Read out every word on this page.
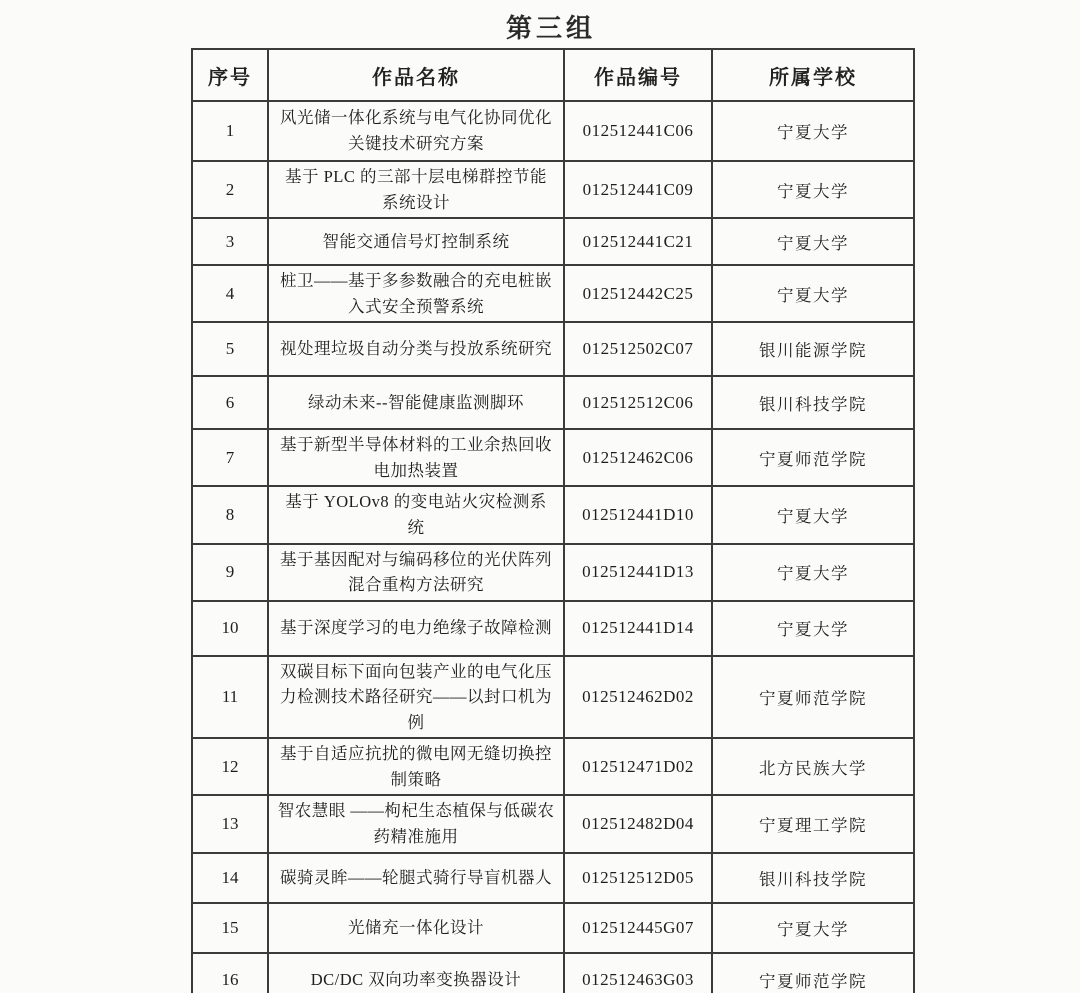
第三组
序号	作品名称	作品编号	所属学校
1	风光储一体化系统与电气化协同优化关键技术研究方案	012512441C06	宁夏大学
2	基于 PLC 的三部十层电梯群控节能系统设计	012512441C09	宁夏大学
3	智能交通信号灯控制系统	012512441C21	宁夏大学
4	桩卫——基于多参数融合的充电桩嵌入式安全预警系统	012512442C25	宁夏大学
5	视处理垃圾自动分类与投放系统研究	012512502C07	银川能源学院
6	绿动未来--智能健康监测脚环	012512512C06	银川科技学院
7	基于新型半导体材料的工业余热回收电加热装置	012512462C06	宁夏师范学院
8	基于 YOLOv8 的变电站火灾检测系统	012512441D10	宁夏大学
9	基于基因配对与编码移位的光伏阵列混合重构方法研究	012512441D13	宁夏大学
10	基于深度学习的电力绝缘子故障检测	012512441D14	宁夏大学
11	双碳目标下面向包装产业的电气化压力检测技术路径研究——以封口机为例	012512462D02	宁夏师范学院
12	基于自适应抗扰的微电网无缝切换控制策略	012512471D02	北方民族大学
13	智农慧眼 ——枸杞生态植保与低碳农药精准施用	012512482D04	宁夏理工学院
14	碳骑灵眸——轮腿式骑行导盲机器人	012512512D05	银川科技学院
15	光储充一体化设计	012512445G07	宁夏大学
16	DC/DC 双向功率变换器设计	012512463G03	宁夏师范学院
